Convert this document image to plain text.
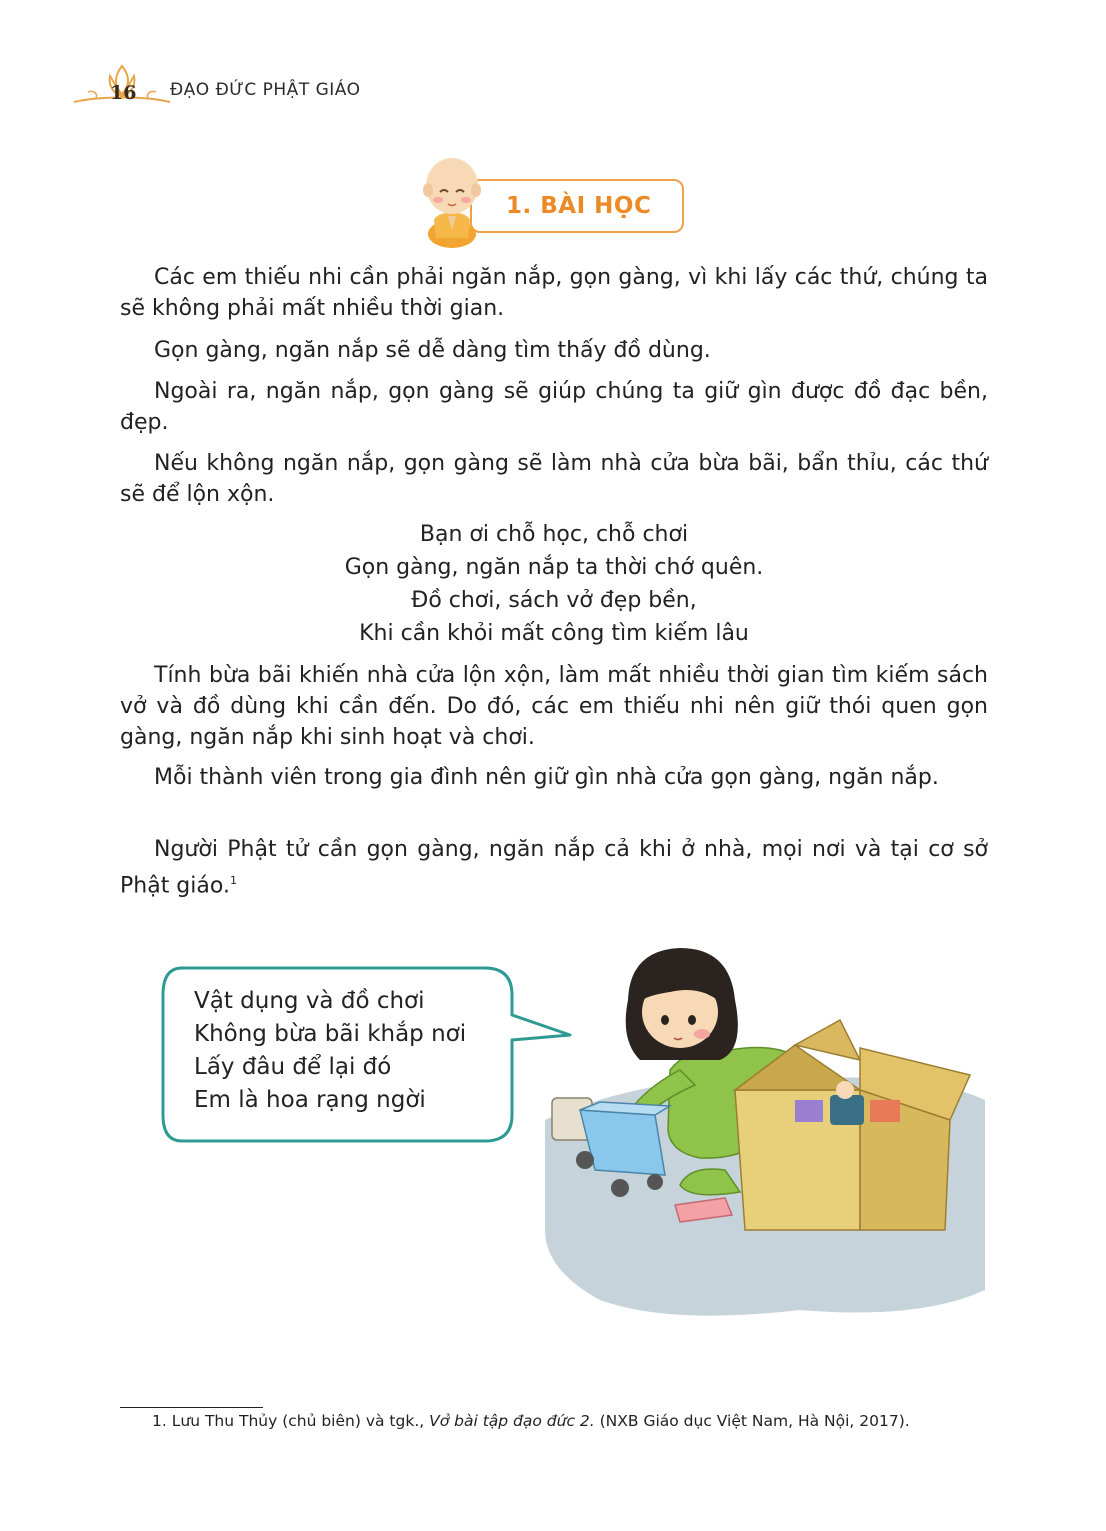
16 ĐẠO ĐỨC PHẬT GIÁO
1. BÀI HỌC

Các em thiếu nhi cần phải ngăn nắp, gọn gàng, vì khi lấy các thứ, chúng ta sẽ không phải mất nhiều thời gian.

Gọn gàng, ngăn nắp sẽ dễ dàng tìm thấy đồ dùng.

Ngoài ra, ngăn nắp, gọn gàng sẽ giúp chúng ta giữ gìn được đồ đạc bền, đẹp.

Nếu không ngăn nắp, gọn gàng sẽ làm nhà cửa bừa bãi, bẩn thỉu, các thứ sẽ để lộn xộn.

Bạn ơi chỗ học, chỗ chơi
Gọn gàng, ngăn nắp ta thời chớ quên.
Đồ chơi, sách vở đẹp bền,
Khi cần khỏi mất công tìm kiếm lâu

Tính bừa bãi khiến nhà cửa lộn xộn, làm mất nhiều thời gian tìm kiếm sách vở và đồ dùng khi cần đến. Do đó, các em thiếu nhi nên giữ thói quen gọn gàng, ngăn nắp khi sinh hoạt và chơi.

Mỗi thành viên trong gia đình nên giữ gìn nhà cửa gọn gàng, ngăn nắp.

Người Phật tử cần gọn gàng, ngăn nắp cả khi ở nhà, mọi nơi và tại cơ sở Phật giáo.$^1$

Vật dụng và đồ chơi
Không bừa bãi khắp nơi
Lấy đâu để lại đó
Em là hoa rạng ngời
1. Lưu Thu Thủy (chủ biên) và tgk., Vở bài tập đạo đức 2. (NXB Giáo dục Việt Nam, Hà Nội, 2017).
